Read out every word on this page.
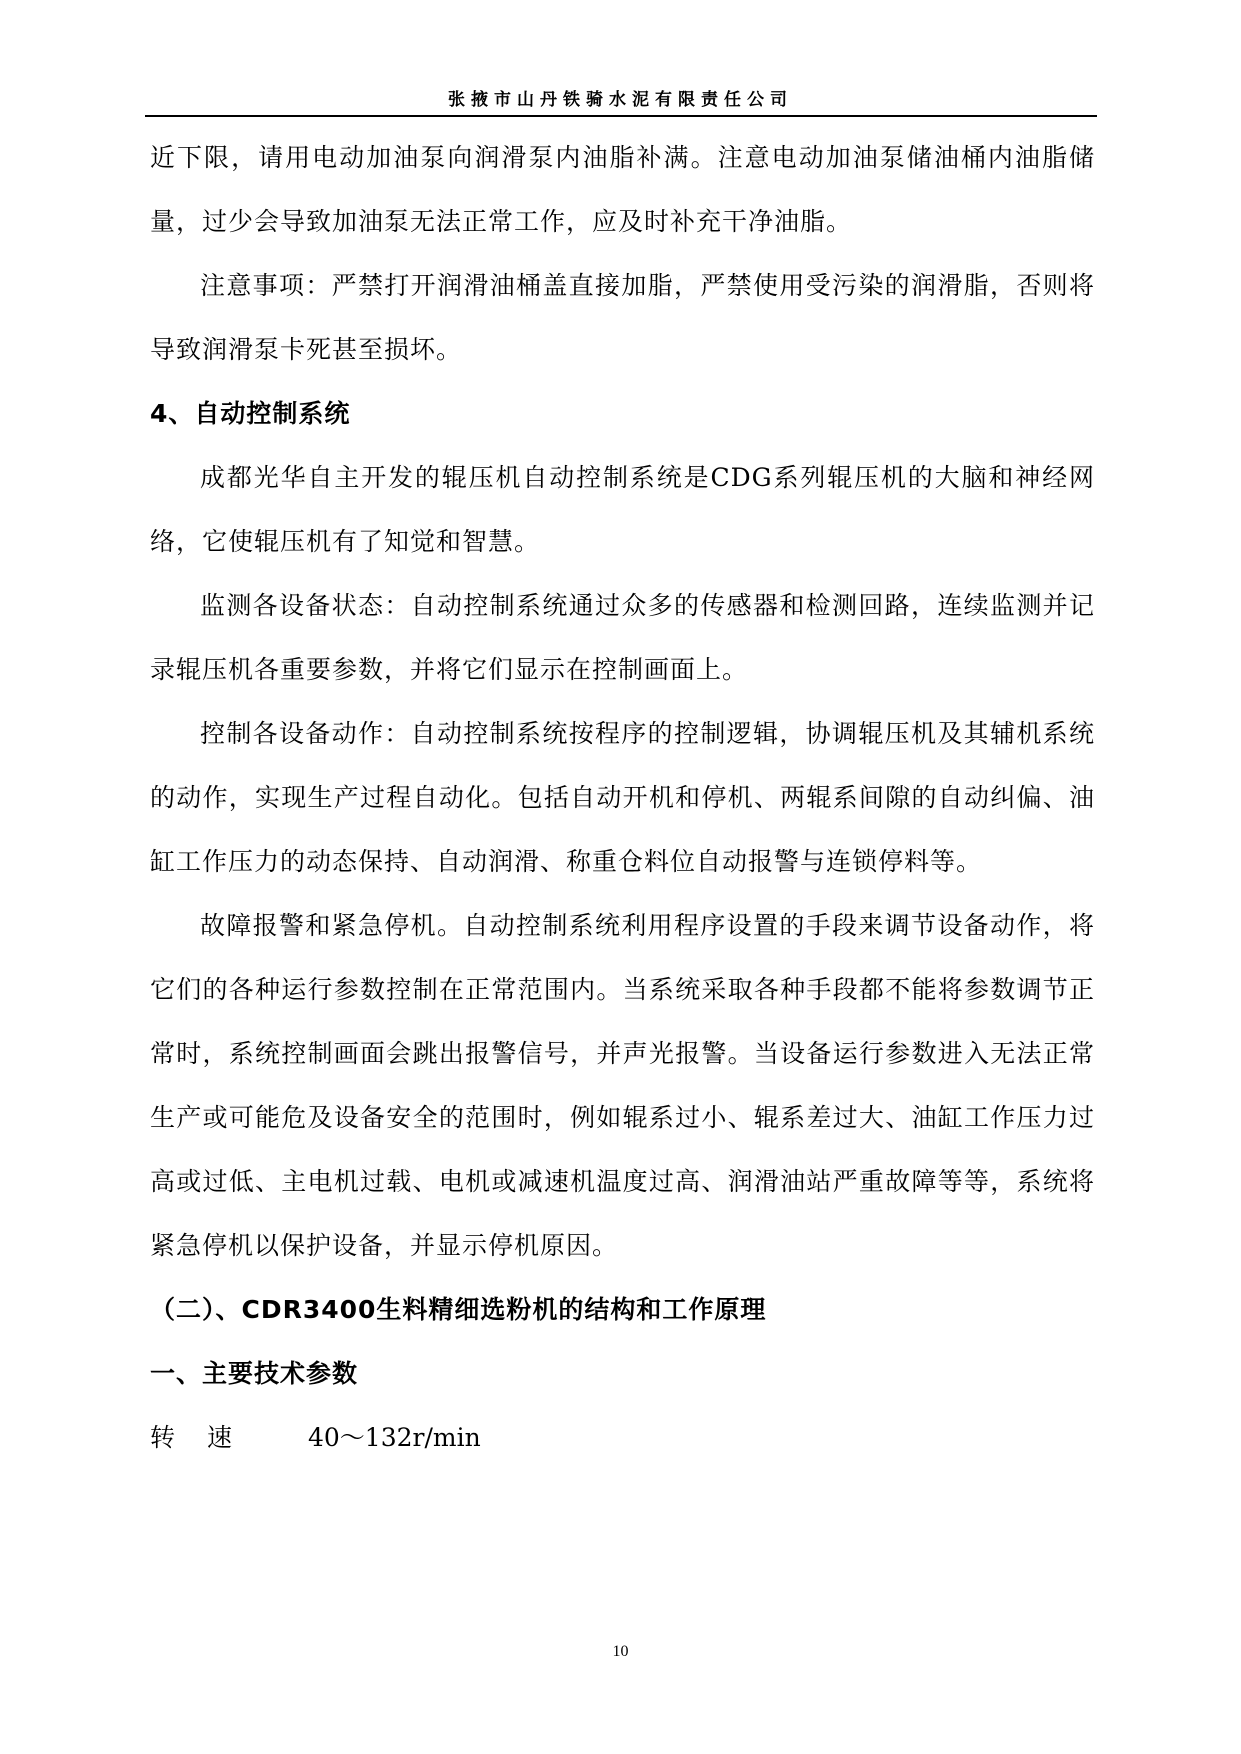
张掖市山丹铁骑水泥有限责任公司

近下限，请用电动加油泵向润滑泵内油脂补满。注意电动加油泵储油桶内油脂储量，过少会导致加油泵无法正常工作，应及时补充干净油脂。

注意事项：严禁打开润滑油桶盖直接加脂，严禁使用受污染的润滑脂，否则将导致润滑泵卡死甚至损坏。

4、自动控制系统

成都光华自主开发的辊压机自动控制系统是CDG系列辊压机的大脑和神经网络，它使辊压机有了知觉和智慧。

监测各设备状态：自动控制系统通过众多的传感器和检测回路，连续监测并记录辊压机各重要参数，并将它们显示在控制画面上。

控制各设备动作：自动控制系统按程序的控制逻辑，协调辊压机及其辅机系统的动作，实现生产过程自动化。包括自动开机和停机、两辊系间隙的自动纠偏、油缸工作压力的动态保持、自动润滑、称重仓料位自动报警与连锁停料等。

故障报警和紧急停机。自动控制系统利用程序设置的手段来调节设备动作，将它们的各种运行参数控制在正常范围内。当系统采取各种手段都不能将参数调节正常时，系统控制画面会跳出报警信号，并声光报警。当设备运行参数进入无法正常生产或可能危及设备安全的范围时，例如辊系过小、辊系差过大、油缸工作压力过高或过低、主电机过载、电机或减速机温度过高、润滑油站严重故障等等，系统将紧急停机以保护设备，并显示停机原因。

（二）、CDR3400生料精细选粉机的结构和工作原理
一、主要技术参数
转速	40～132r/min
10
